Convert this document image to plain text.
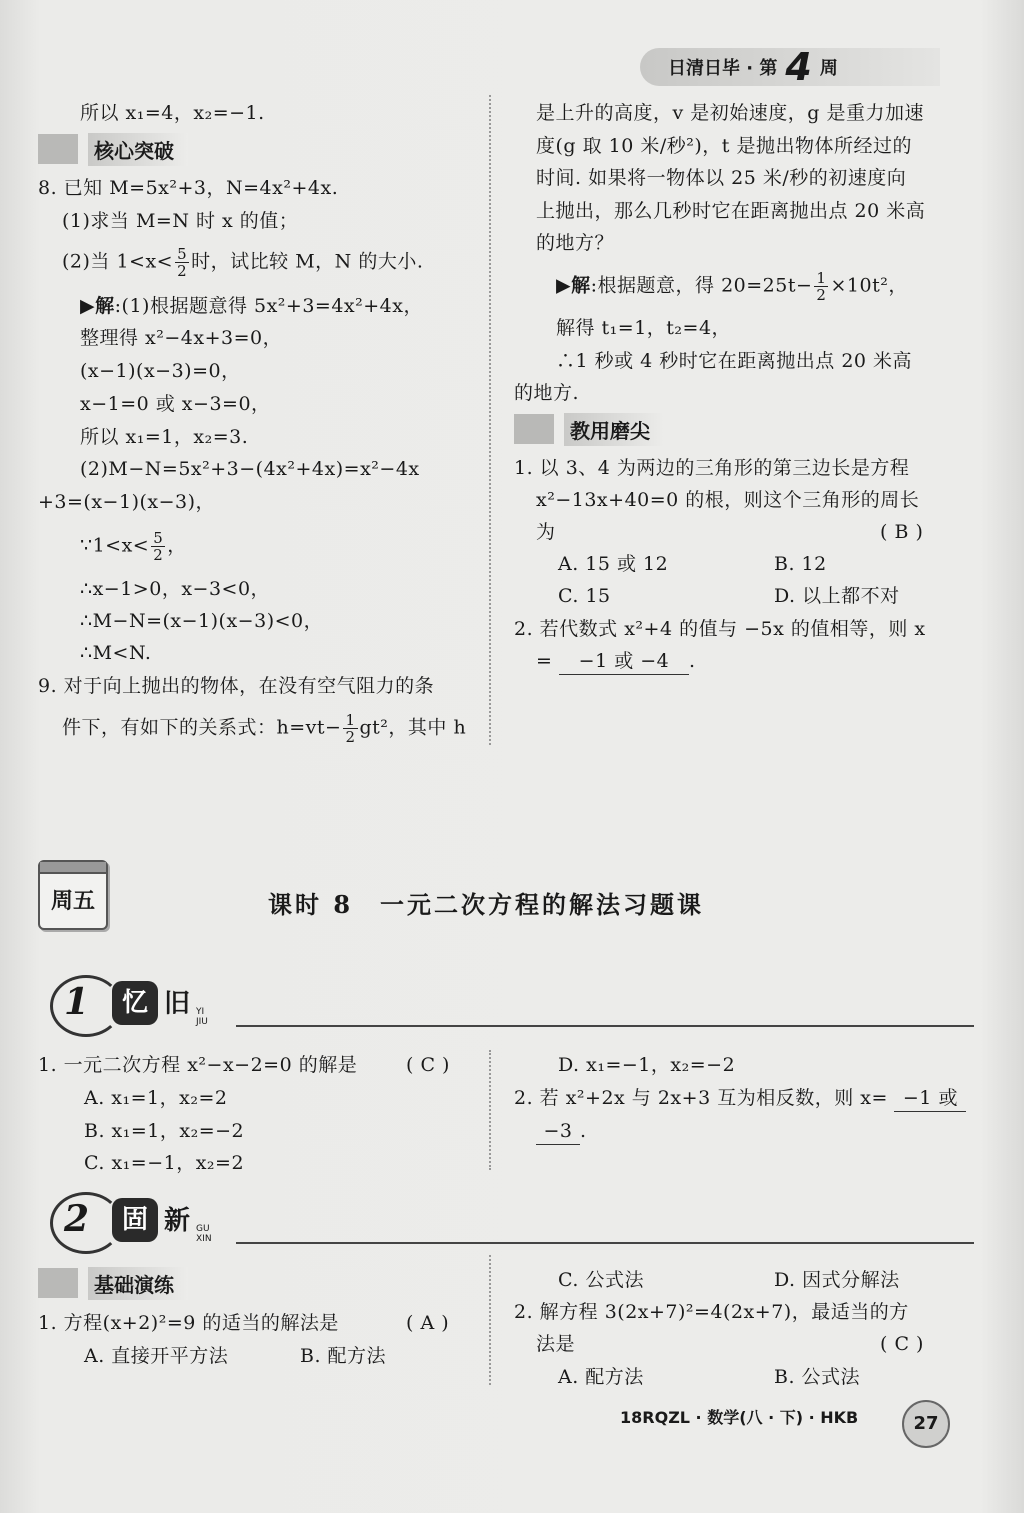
日清日毕 · 第 4 周
所以 x₁=4，x₂=−1.
核心突破
8. 已知 M=5x²+3，N=4x²+4x.
(1)求当 M=N 时 x 的值；
(2)当 $1<x< \frac{5}{2}$ 时，试比较 M，N 的大小.
▶解:(1)根据题意得 5x²+3=4x²+4x，
整理得 x²−4x+3=0，
(x−1)(x−3)=0，
x−1=0 或 x−3=0，
所以 x₁=1，x₂=3.
(2)M−N=5x²+3−(4x²+4x)=x²−4x
+3=(x−1)(x−3)，
∵1<x< $\frac{5}{2}$ ，
∴x−1>0，x−3<0，
∴M−N=(x−1)(x−3)<0，
∴M<N.
9. 对于向上抛出的物体，在没有空气阻力的条
件下，有如下的关系式：$h=vt- \frac{1}{2} gt^2$，其中 h
是上升的高度，v 是初始速度，g 是重力加速
度(g 取 10 米/秒²)，t 是抛出物体所经过的
时间. 如果将一物体以 25 米/秒的初速度向
上抛出，那么几秒时它在距离抛出点 20 米高
的地方？
▶解:根据题意，得 $20=25t- \frac{1}{2} \times 10t^2$，
解得 t₁=1，t₂=4，
∴1 秒或 4 秒时它在距离抛出点 20 米高
的地方.
教用磨尖
1. 以 3、4 为两边的三角形的第三边长是方程
x²−13x+40=0 的根，则这个三角形的周长
为	( B )
A. 15 或 12	B. 12
C. 15	D. 以上都不对
2. 若代数式 x²+4 的值与 −5x 的值相等，则 x
= −1 或 −4 .
周五	课时 8　一元二次方程的解法习题课
1	忆 旧 YI JIU
1. 一元二次方程 x²−x−2=0 的解是	( C )
A. x₁=1，x₂=2
B. x₁=1，x₂=−2
C. x₁=−1，x₂=2
D. x₁=−1，x₂=−2
2. 若 x²+2x 与 2x+3 互为相反数，则 x= −1 或
−3 .
2	固 新 GU XIN
基础演练
1. 方程(x+2)²=9 的适当的解法是	( A )
A. 直接开平方法	B. 配方法
C. 公式法	D. 因式分解法
2. 解方程 3(2x+7)²=4(2x+7)，最适当的方
法是	( C )
A. 配方法	B. 公式法
18RQZL · 数学(八 · 下) · HKB	27
